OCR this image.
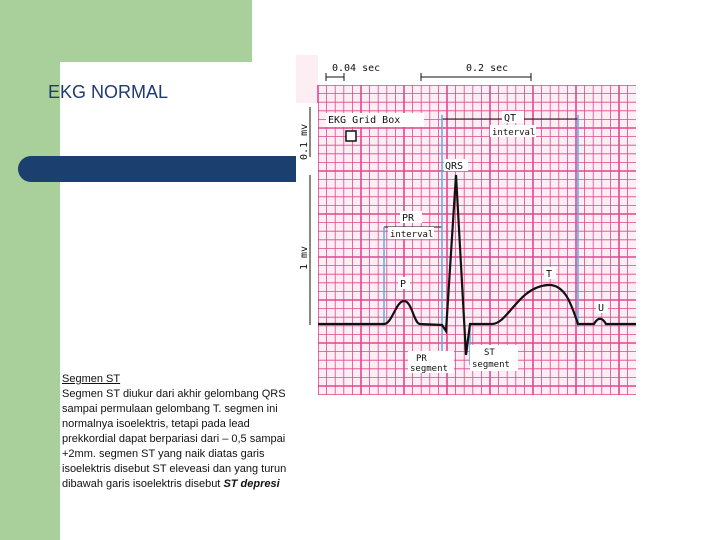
EKG NORMAL
0.04 sec	0.2 sec
0.1 mv
1 mv
EKG Grid Box	QT
interval
QRS
PR
interval
P
T
U
PR
segment
ST
segment
Segmen ST
Segmen ST diukur dari akhir gelombang QRS sampai permulaan gelombang T. segmen ini normalnya isoelektris, tetapi pada lead prekkordial dapat berpariasi dari – 0,5 sampai +2mm. segmen ST yang naik diatas garis isoelektris disebut ST eleveasi dan yang turun dibawah garis isoelektris disebut ST depresi
